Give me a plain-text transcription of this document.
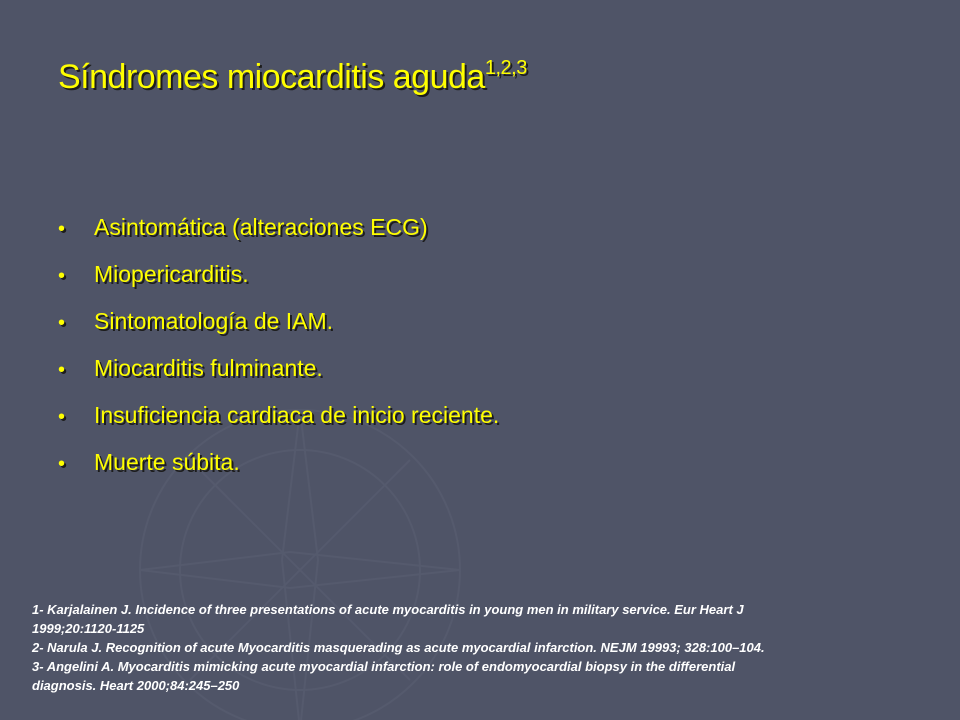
Síndromes miocarditis aguda$^{1,2,3}$
•	Asintomática (alteraciones ECG)
•	Miopericarditis.
•	Sintomatología de IAM.
•	Miocarditis fulminante.
•	Insuficiencia cardiaca de inicio reciente.
•	Muerte súbita.
1- Karjalainen J. Incidence of three presentations of acute myocarditis in young men in military service. Eur Heart J
1999;20:1120-1125
2- Narula J. Recognition of acute Myocarditis masquerading as acute myocardial infarction. NEJM 19993; 328:100–104.
3- Angelini A. Myocarditis mimicking acute myocardial infarction: role of endomyocardial biopsy in the differential
diagnosis. Heart 2000;84:245–250
